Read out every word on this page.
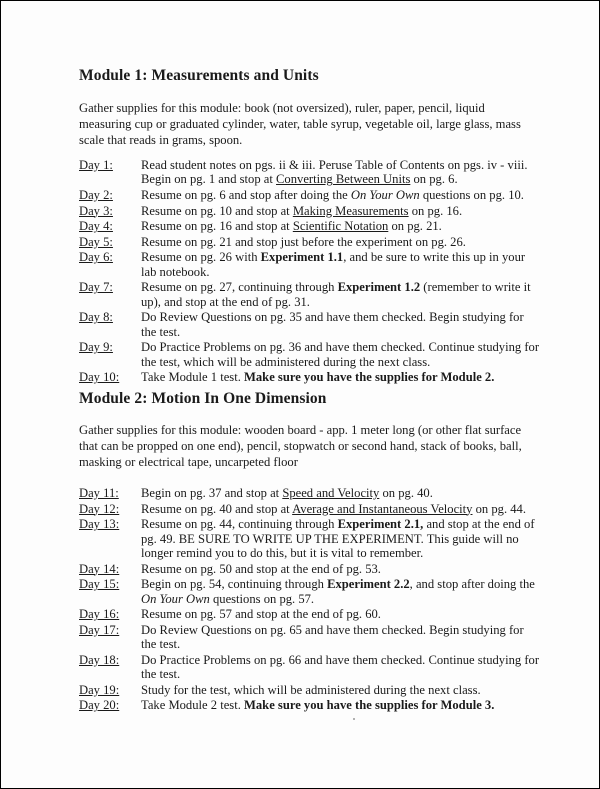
Module 1: Measurements and Units

Gather supplies for this module: book (not oversized), ruler, paper, pencil, liquid measuring cup or graduated cylinder, water, table syrup, vegetable oil, large glass, mass scale that reads in grams, spoon.

Day 1:	Read student notes on pgs. ii & iii. Peruse Table of Contents on pgs. iv - viii. Begin on pg. 1 and stop at Converting Between Units on pg. 6.
Day 2:	Resume on pg. 6 and stop after doing the On Your Own questions on pg. 10.
Day 3:	Resume on pg. 10 and stop at Making Measurements on pg. 16.
Day 4:	Resume on pg. 16 and stop at Scientific Notation on pg. 21.
Day 5:	Resume on pg. 21 and stop just before the experiment on pg. 26.
Day 6:	Resume on pg. 26 with Experiment 1.1, and be sure to write this up in your lab notebook.
Day 7:	Resume on pg. 27, continuing through Experiment 1.2 (remember to write it up), and stop at the end of pg. 31.
Day 8:	Do Review Questions on pg. 35 and have them checked. Begin studying for the test.
Day 9:	Do Practice Problems on pg. 36 and have them checked. Continue studying for the test, which will be administered during the next class.
Day 10:	Take Module 1 test. Make sure you have the supplies for Module 2.
Module 2: Motion In One Dimension

Gather supplies for this module: wooden board - app. 1 meter long (or other flat surface that can be propped on one end), pencil, stopwatch or second hand, stack of books, ball, masking or electrical tape, uncarpeted floor

Day 11:	Begin on pg. 37 and stop at Speed and Velocity on pg. 40.
Day 12:	Resume on pg. 40 and stop at Average and Instantaneous Velocity on pg. 44.
Day 13:	Resume on pg. 44, continuing through Experiment 2.1, and stop at the end of pg. 49. BE SURE TO WRITE UP THE EXPERIMENT. This guide will no longer remind you to do this, but it is vital to remember.
Day 14:	Resume on pg. 50 and stop at the end of pg. 53.
Day 15:	Begin on pg. 54, continuing through Experiment 2.2, and stop after doing the On Your Own questions on pg. 57.
Day 16:	Resume on pg. 57 and stop at the end of pg. 60.
Day 17:	Do Review Questions on pg. 65 and have them checked. Begin studying for the test.
Day 18:	Do Practice Problems on pg. 66 and have them checked. Continue studying for the test.
Day 19:	Study for the test, which will be administered during the next class.
Day 20:	Take Module 2 test. Make sure you have the supplies for Module 3.
